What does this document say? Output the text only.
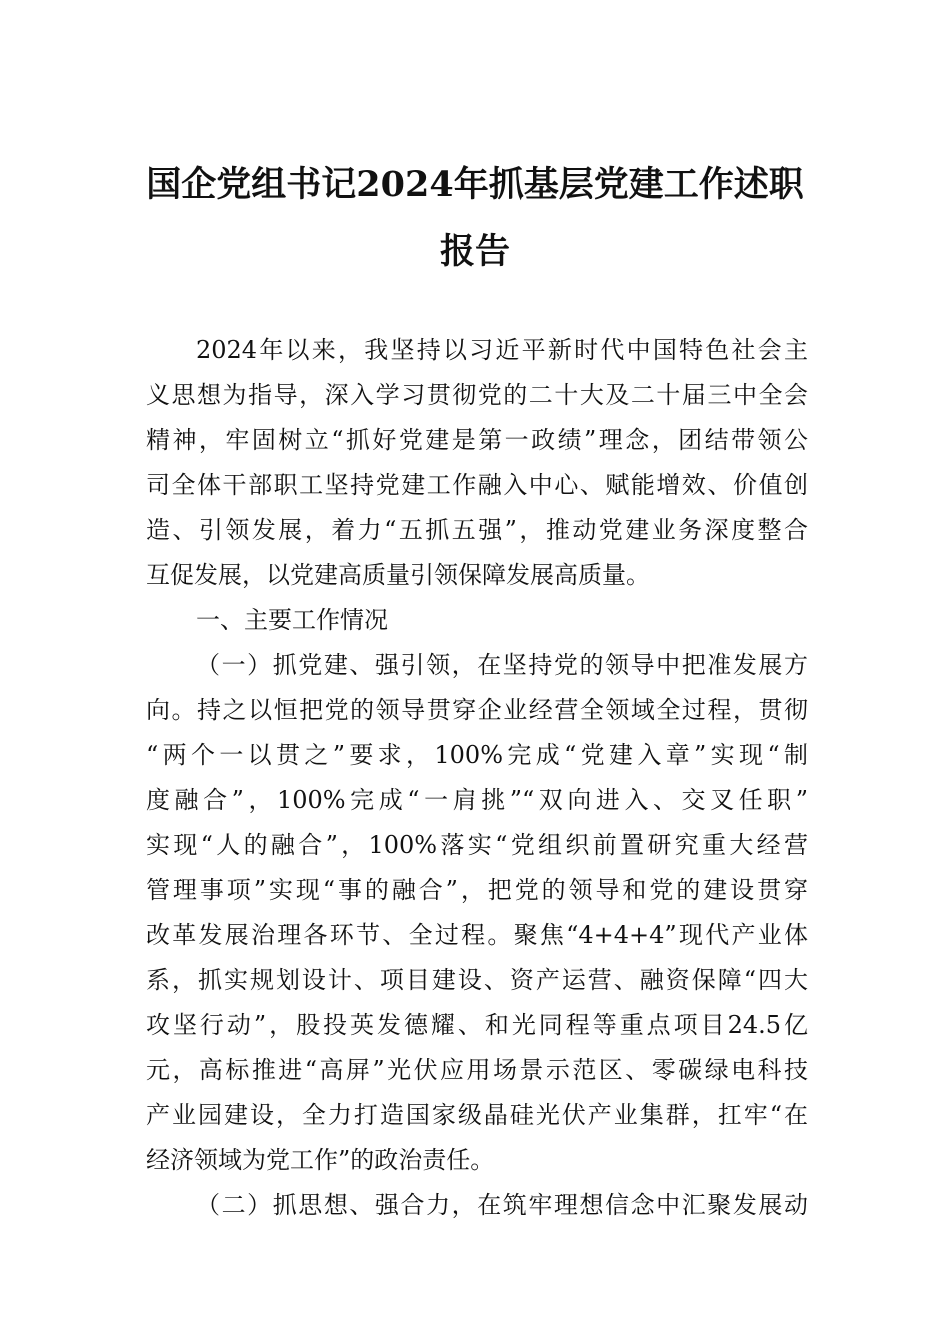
国企党组书记2024年抓基层党建工作述职
报告

2024年以来，我坚持以习近平新时代中国特色社会主

义思想为指导，深入学习贯彻党的二十大及二十届三中全会

精神，牢固树立“抓好党建是第一政绩”理念，团结带领公

司全体干部职工坚持党建工作融入中心、赋能增效、价值创

造、引领发展，着力“五抓五强”，推动党建业务深度整合

互促发展，以党建高质量引领保障发展高质量。

一、主要工作情况

（一）抓党建、强引领，在坚持党的领导中把准发展方

向。持之以恒把党的领导贯穿企业经营全领域全过程，贯彻

“两个一以贯之”要求，100%完成“党建入章”实现“制

度融合”，100%完成“一肩挑”“双向进入、交叉任职”

实现“人的融合”，100%落实“党组织前置研究重大经营

管理事项”实现“事的融合”，把党的领导和党的建设贯穿

改革发展治理各环节、全过程。聚焦“4+4+4”现代产业体

系，抓实规划设计、项目建设、资产运营、融资保障“四大

攻坚行动”，股投英发德耀、和光同程等重点项目24.5亿

元，高标推进“高屏”光伏应用场景示范区、零碳绿电科技

产业园建设，全力打造国家级晶硅光伏产业集群，扛牢“在

经济领域为党工作”的政治责任。

（二）抓思想、强合力，在筑牢理想信念中汇聚发展动
